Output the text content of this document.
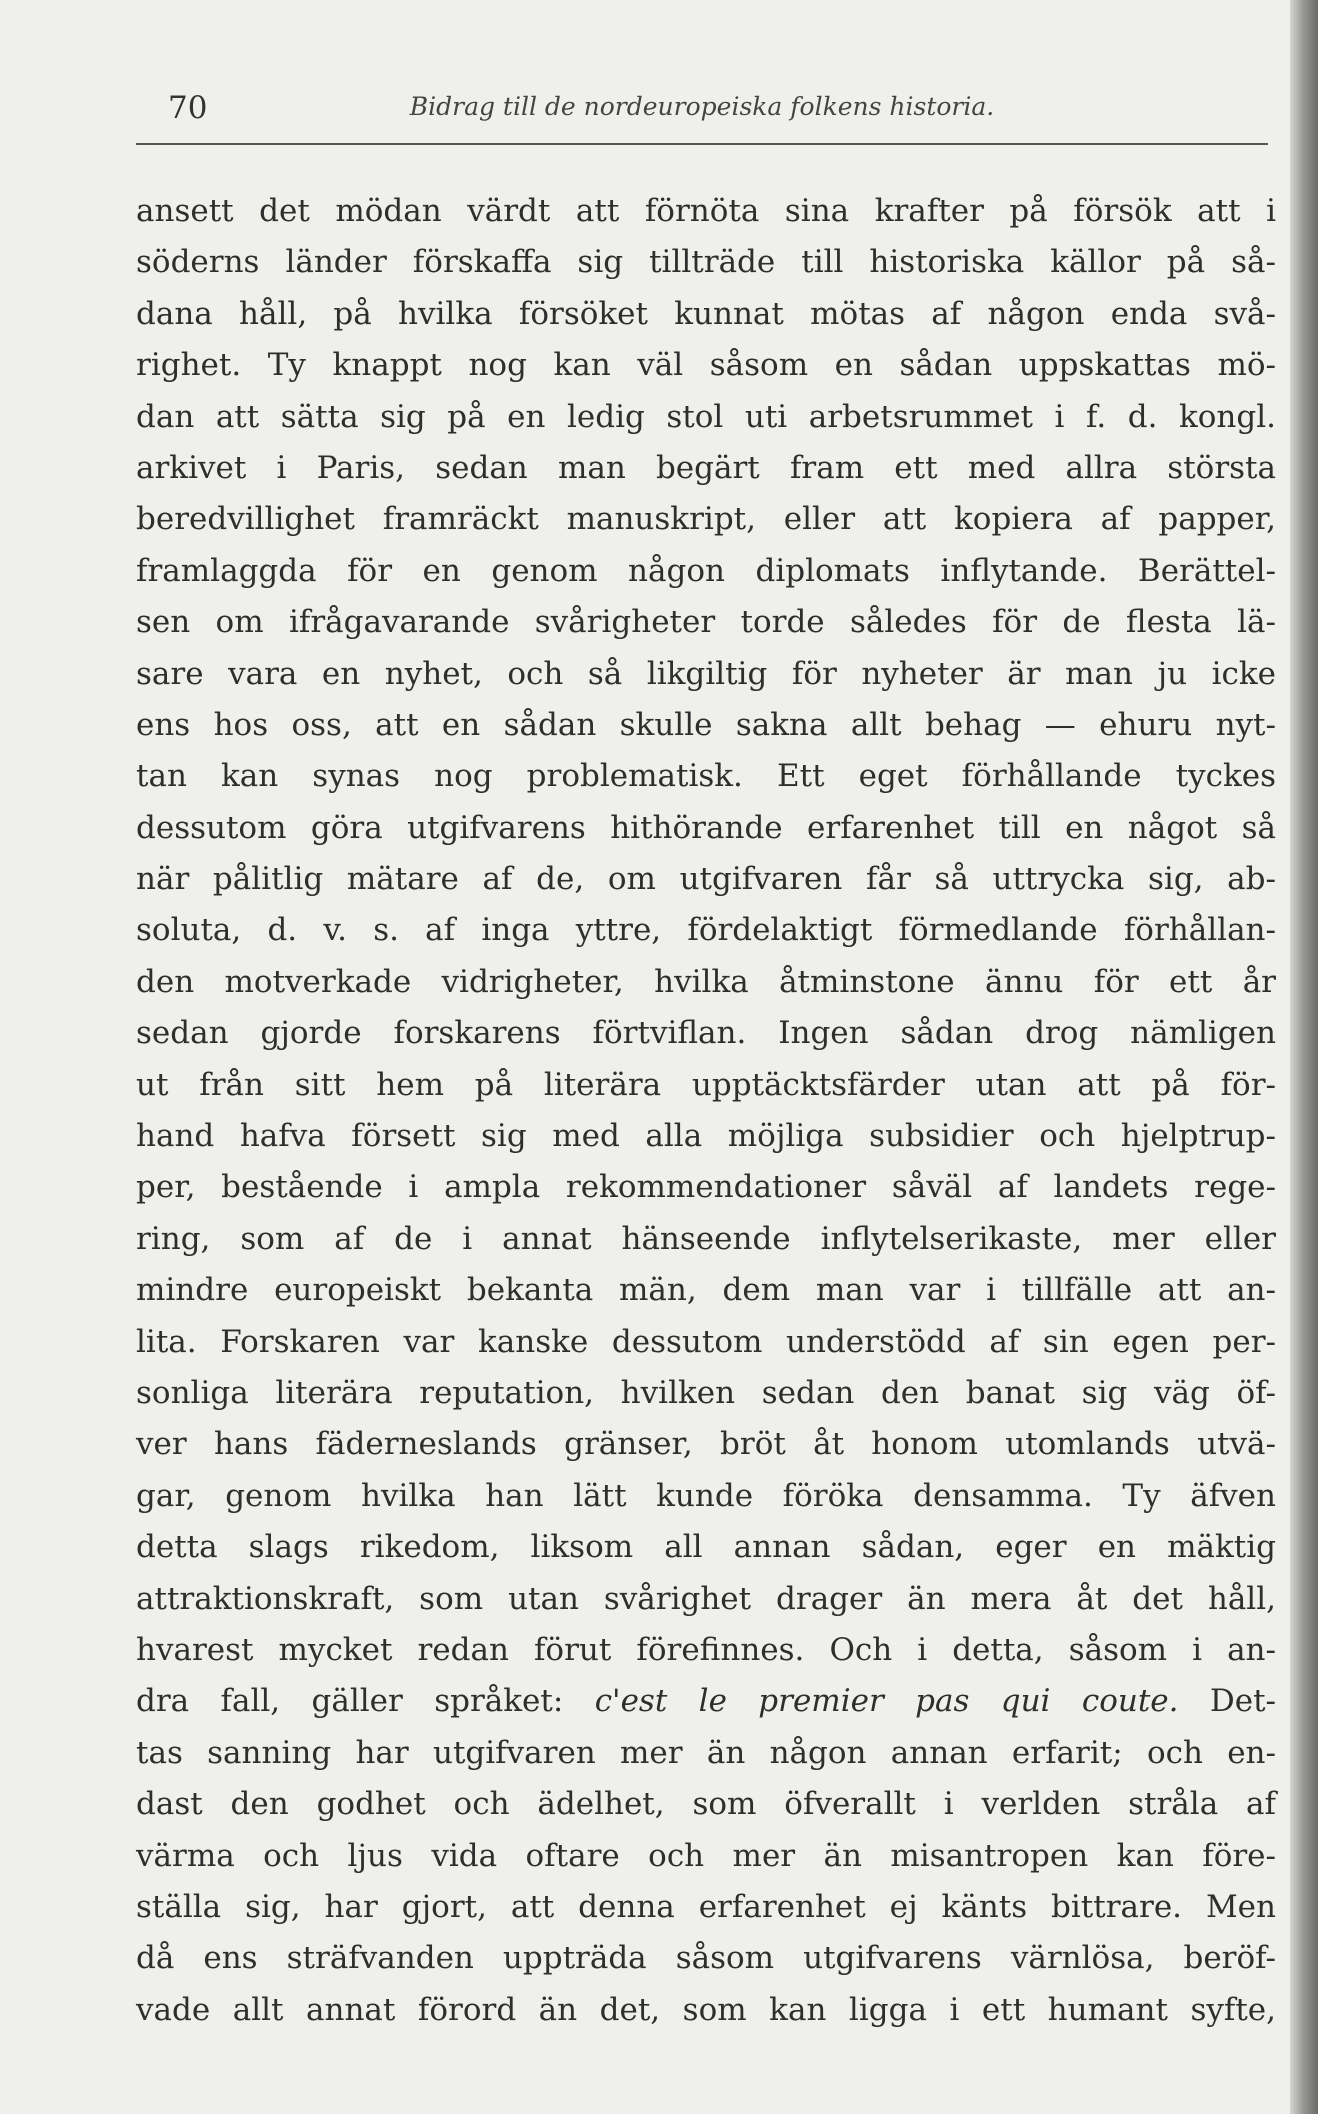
70	Bidrag till de nordeuropeiska folkens historia.
ansett det mödan värdt att förnöta sina krafter på försök att i
söderns länder förskaffa sig tillträde till historiska källor på så-
dana håll, på hvilka försöket kunnat mötas af någon enda svå-
righet. Ty knappt nog kan väl såsom en sådan uppskattas mö-
dan att sätta sig på en ledig stol uti arbetsrummet i f. d. kongl.
arkivet i Paris, sedan man begärt fram ett med allra största
beredvillighet framräckt manuskript, eller att kopiera af papper,
framlaggda för en genom någon diplomats inflytande. Berättel-
sen om ifrågavarande svårigheter torde således för de flesta lä-
sare vara en nyhet, och så likgiltig för nyheter är man ju icke
ens hos oss, att en sådan skulle sakna allt behag — ehuru nyt-
tan kan synas nog problematisk. Ett eget förhållande tyckes
dessutom göra utgifvarens hithörande erfarenhet till en något så
när pålitlig mätare af de, om utgifvaren får så uttrycka sig, ab-
soluta, d. v. s. af inga yttre, fördelaktigt förmedlande förhållan-
den motverkade vidrigheter, hvilka åtminstone ännu för ett år
sedan gjorde forskarens förtviflan. Ingen sådan drog nämligen
ut från sitt hem på literära upptäcktsfärder utan att på för-
hand hafva försett sig med alla möjliga subsidier och hjelptrup-
per, bestående i ampla rekommendationer såväl af landets rege-
ring, som af de i annat hänseende inflytelserikaste, mer eller
mindre europeiskt bekanta män, dem man var i tillfälle att an-
lita. Forskaren var kanske dessutom understödd af sin egen per-
sonliga literära reputation, hvilken sedan den banat sig väg öf-
ver hans fäderneslands gränser, bröt åt honom utomlands utvä-
gar, genom hvilka han lätt kunde föröka densamma. Ty äfven
detta slags rikedom, liksom all annan sådan, eger en mäktig
attraktionskraft, som utan svårighet drager än mera åt det håll,
hvarest mycket redan förut förefinnes. Och i detta, såsom i an-
dra fall, gäller språket: c'est le premier pas qui coute. Det-
tas sanning har utgifvaren mer än någon annan erfarit; och en-
dast den godhet och ädelhet, som öfverallt i verlden stråla af
värma och ljus vida oftare och mer än misantropen kan före-
ställa sig, har gjort, att denna erfarenhet ej känts bittrare. Men
då ens sträfvanden uppträda såsom utgifvarens värnlösa, beröf-
vade allt annat förord än det, som kan ligga i ett humant syfte,
